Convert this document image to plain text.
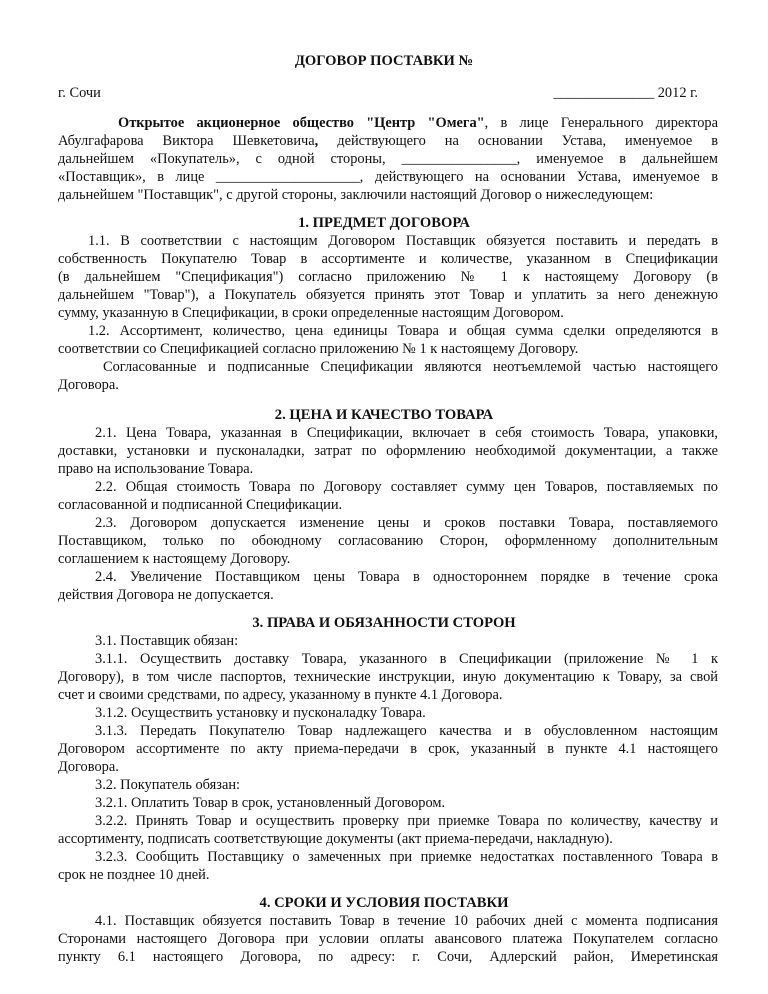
ДОГОВОР ПОСТАВКИ №
г. Сочи	______________ 2012 г.
Открытое акционерное общество "Центр "Омега", в лице Генерального директора
Абулгафарова Виктора Шевкетовича, действующего на основании Устава, именуемое в
дальнейшем «Покупатель», с одной стороны, ________________, именуемое в дальнейшем
«Поставщик», в лице ____________________, действующего на основании Устава, именуемое в
дальнейшем "Поставщик", с другой стороны, заключили настоящий Договор о нижеследующем:
1. ПРЕДМЕТ ДОГОВОРА
1.1. В соответствии с настоящим Договором Поставщик обязуется поставить и передать в
собственность Покупателю Товар в ассортименте и количестве, указанном в Спецификации
(в дальнейшем "Спецификация") согласно приложению № 1 к настоящему Договору (в
дальнейшем "Товар"), а Покупатель обязуется принять этот Товар и уплатить за него денежную
сумму, указанную в Спецификации, в сроки определенные настоящим Договором.
1.2. Ассортимент, количество, цена единицы Товара и общая сумма сделки определяются в
соответствии со Спецификацией согласно приложению № 1 к настоящему Договору.
Согласованные и подписанные Спецификации являются неотъемлемой частью настоящего
Договора.
2. ЦЕНА И КАЧЕСТВО ТОВАРА
2.1. Цена Товара, указанная в Спецификации, включает в себя стоимость Товара, упаковки,
доставки, установки и пусконаладки, затрат по оформлению необходимой документации, а также
право на использование Товара.
2.2. Общая стоимость Товара по Договору составляет сумму цен Товаров, поставляемых по
согласованной и подписанной Спецификации.
2.3. Договором допускается изменение цены и сроков поставки Товара, поставляемого
Поставщиком, только по обоюдному согласованию Сторон, оформленному дополнительным
соглашением к настоящему Договору.
2.4. Увеличение Поставщиком цены Товара в одностороннем порядке в течение срока
действия Договора не допускается.
3. ПРАВА И ОБЯЗАННОСТИ СТОРОН
3.1. Поставщик обязан:
3.1.1. Осуществить доставку Товара, указанного в Спецификации (приложение № 1 к
Договору), в том числе паспортов, технические инструкции, иную документацию к Товару, за свой
счет и своими средствами, по адресу, указанному в пункте 4.1 Договора.
3.1.2. Осуществить установку и пусконаладку Товара.
3.1.3. Передать Покупателю Товар надлежащего качества и в обусловленном настоящим
Договором ассортименте по акту приема-передачи в срок, указанный в пункте 4.1 настоящего
Договора.
3.2. Покупатель обязан:
3.2.1. Оплатить Товар в срок, установленный Договором.
3.2.2. Принять Товар и осуществить проверку при приемке Товара по количеству, качеству и
ассортименту, подписать соответствующие документы (акт приема-передачи, накладную).
3.2.3. Сообщить Поставщику о замеченных при приемке недостатках поставленного Товара в
срок не позднее 10 дней.
4. СРОКИ И УСЛОВИЯ ПОСТАВКИ
4.1. Поставщик обязуется поставить Товар в течение 10 рабочих дней с момента подписания
Сторонами настоящего Договора при условии оплаты авансового платежа Покупателем согласно
пункту 6.1 настоящего Договора, по адресу: г. Сочи, Адлерский район, Имеретинская
